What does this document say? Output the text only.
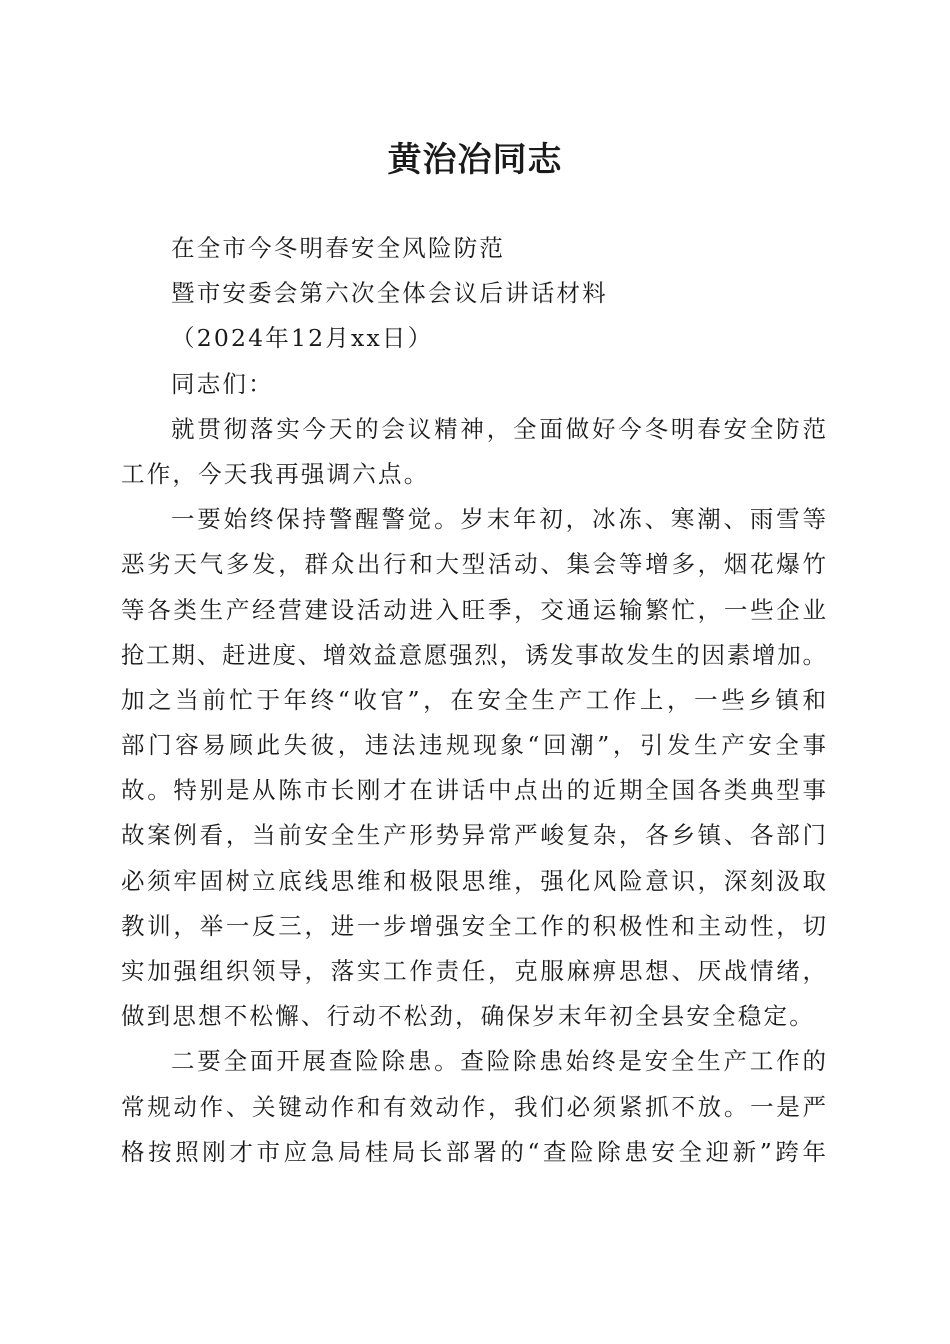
黄治冶同志
在全市今冬明春安全风险防范
暨市安委会第六次全体会议后讲话材料
（2024年12月xx日）
同志们：
就贯彻落实今天的会议精神，全面做好今冬明春安全防范
工作，今天我再强调六点。
一要始终保持警醒警觉。岁末年初，冰冻、寒潮、雨雪等
恶劣天气多发，群众出行和大型活动、集会等增多，烟花爆竹
等各类生产经营建设活动进入旺季，交通运输繁忙，一些企业
抢工期、赶进度、增效益意愿强烈，诱发事故发生的因素增加。
加之当前忙于年终“收官”，在安全生产工作上，一些乡镇和
部门容易顾此失彼，违法违规现象“回潮”，引发生产安全事
故。特别是从陈市长刚才在讲话中点出的近期全国各类典型事
故案例看，当前安全生产形势异常严峻复杂，各乡镇、各部门
必须牢固树立底线思维和极限思维，强化风险意识，深刻汲取
教训，举一反三，进一步增强安全工作的积极性和主动性，切
实加强组织领导，落实工作责任，克服麻痹思想、厌战情绪，
做到思想不松懈、行动不松劲，确保岁末年初全县安全稳定。
二要全面开展查险除患。查险除患始终是安全生产工作的
常规动作、关键动作和有效动作，我们必须紧抓不放。一是严
格按照刚才市应急局桂局长部署的“查险除患安全迎新”跨年
